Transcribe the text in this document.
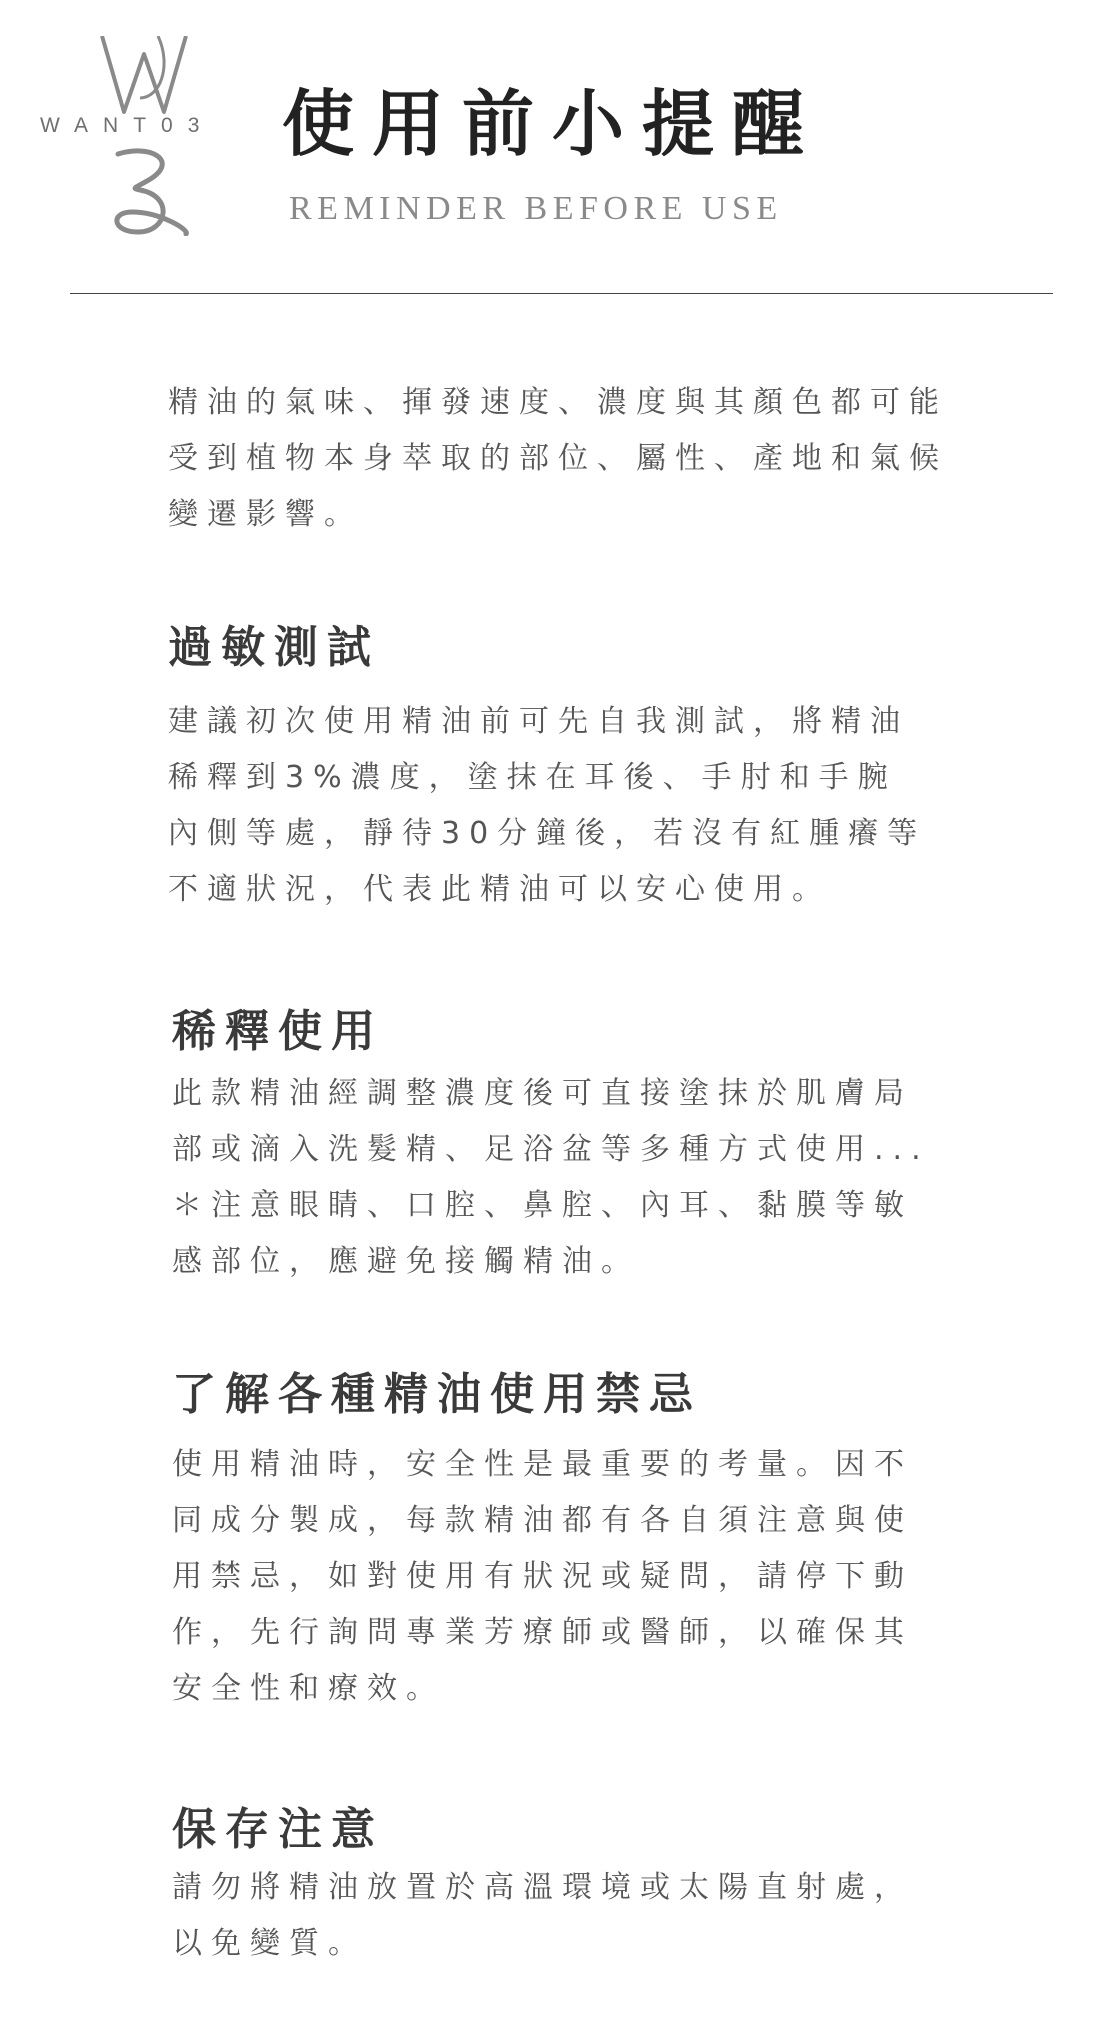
WANT03 使用前小提醒
REMINDER BEFORE USE

精油的氣味、揮發速度、濃度與其顏色都可能
受到植物本身萃取的部位、屬性、產地和氣候
變遷影響。

過敏測試
建議初次使用精油前可先自我測試，將精油
稀釋到3%濃度，塗抹在耳後、手肘和手腕
內側等處，靜待30分鐘後，若沒有紅腫癢等
不適狀況，代表此精油可以安心使用。
稀釋使用
此款精油經調整濃度後可直接塗抹於肌膚局
部或滴入洗髮精、足浴盆等多種方式使用...
＊注意眼睛、口腔、鼻腔、內耳、黏膜等敏
感部位，應避免接觸精油。
了解各種精油使用禁忌
使用精油時，安全性是最重要的考量。因不
同成分製成，每款精油都有各自須注意與使
用禁忌，如對使用有狀況或疑問，請停下動
作，先行詢問專業芳療師或醫師，以確保其
安全性和療效。
保存注意
請勿將精油放置於高溫環境或太陽直射處，
以免變質。
